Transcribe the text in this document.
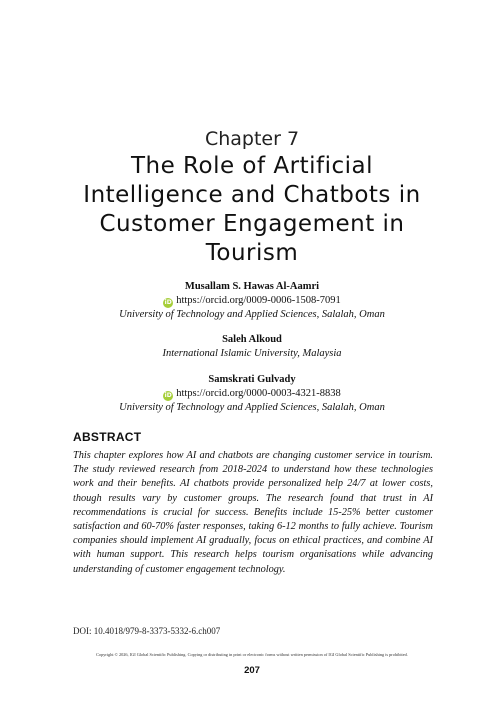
Chapter 7
The Role of Artificial Intelligence and Chatbots in Customer Engagement in Tourism
Musallam S. Hawas Al-Aamri
iD https://orcid.org/0009-0006-1508-7091
University of Technology and Applied Sciences, Salalah, Oman
Saleh Alkoud
International Islamic University, Malaysia
Samskrati Gulvady
iD https://orcid.org/0000-0003-4321-8838
University of Technology and Applied Sciences, Salalah, Oman
ABSTRACT

This chapter explores how AI and chatbots are changing customer service in tourism. The study reviewed research from 2018-2024 to understand how these technologies work and their benefits. AI chatbots provide personalized help 24/7 at lower costs, though results vary by customer groups. The research found that trust in AI recommendations is crucial for success. Benefits include 15-25% better customer satisfaction and 60-70% faster responses, taking 6-12 months to fully achieve. Tourism companies should implement AI gradually, focus on ethical practices, and combine AI with human support. This research helps tourism organisations while advancing understanding of customer engagement technology.

DOI: 10.4018/979-8-3373-5332-6.ch007
Copyright © 2026, IGI Global Scientific Publishing. Copying or distributing in print or electronic forms without written permission of IGI Global Scientific Publishing is prohibited.
207
